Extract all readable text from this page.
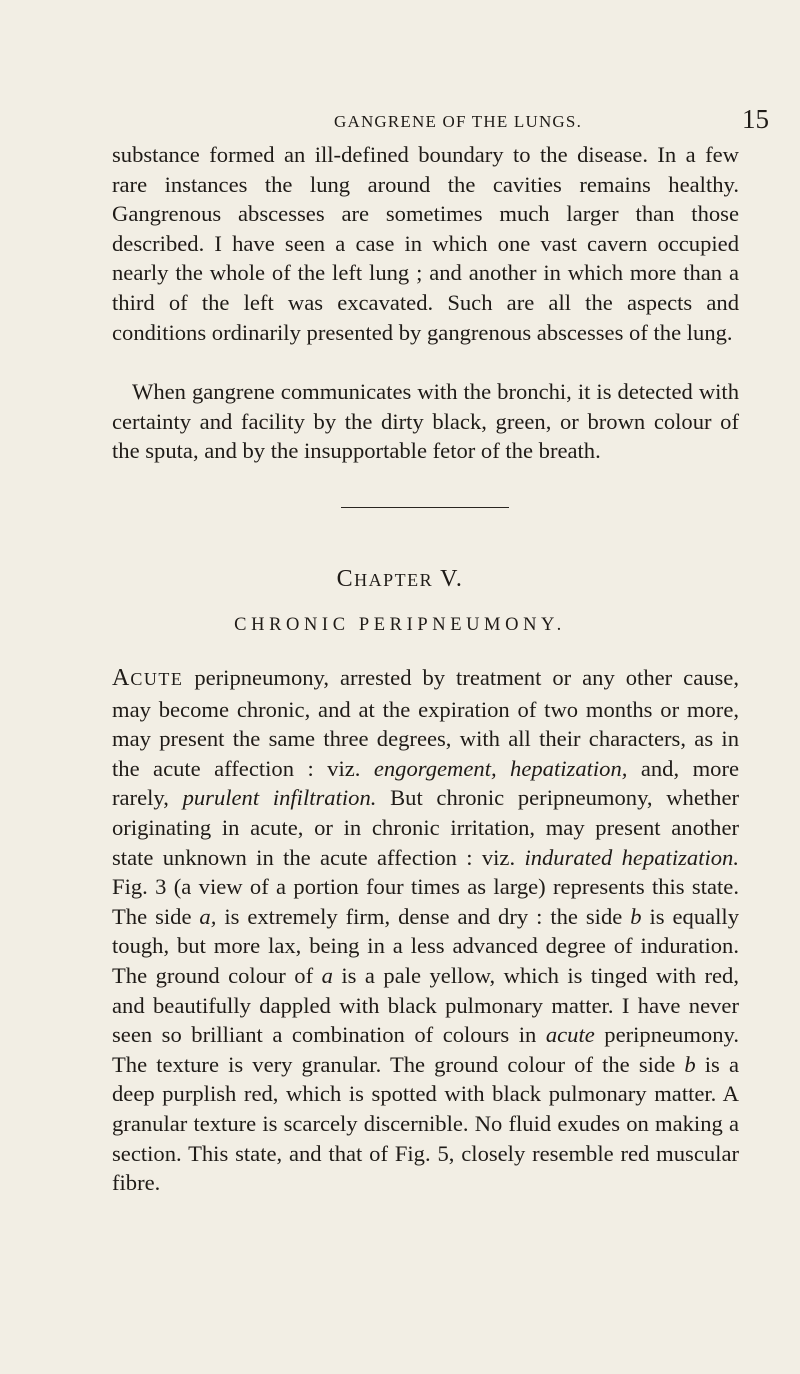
GANGRENE OF THE LUNGS.	15

substance formed an ill-defined boundary to the disease. In a few rare instances the lung around the cavities remains healthy. Gangrenous abscesses are sometimes much larger than those described. I have seen a case in which one vast cavern occupied nearly the whole of the left lung ; and another in which more than a third of the left was excavated. Such are all the aspects and conditions ordinarily presented by gangrenous abscesses of the lung.

When gangrene communicates with the bronchi, it is detected with certainty and facility by the dirty black, green, or brown colour of the sputa, and by the insupportable fetor of the breath.

CHAPTER V.
CHRONIC PERIPNEUMONY.

ACUTE peripneumony, arrested by treatment or any other cause, may become chronic, and at the expiration of two months or more, may present the same three degrees, with all their characters, as in the acute affection : viz. engorgement, hepatization, and, more rarely, purulent infiltration. But chronic peripneumony, whether originating in acute, or in chronic irritation, may present another state unknown in the acute affection : viz. indurated hepatization. Fig. 3 (a view of a portion four times as large) represents this state. The side a, is extremely firm, dense and dry : the side b is equally tough, but more lax, being in a less advanced degree of induration. The ground colour of a is a pale yellow, which is tinged with red, and beautifully dappled with black pulmonary matter. I have never seen so brilliant a combination of colours in acute peripneumony. The texture is very granular. The ground colour of the side b is a deep purplish red, which is spotted with black pulmonary matter. A granular texture is scarcely discernible. No fluid exudes on making a section. This state, and that of Fig. 5, closely resemble red muscular fibre.
